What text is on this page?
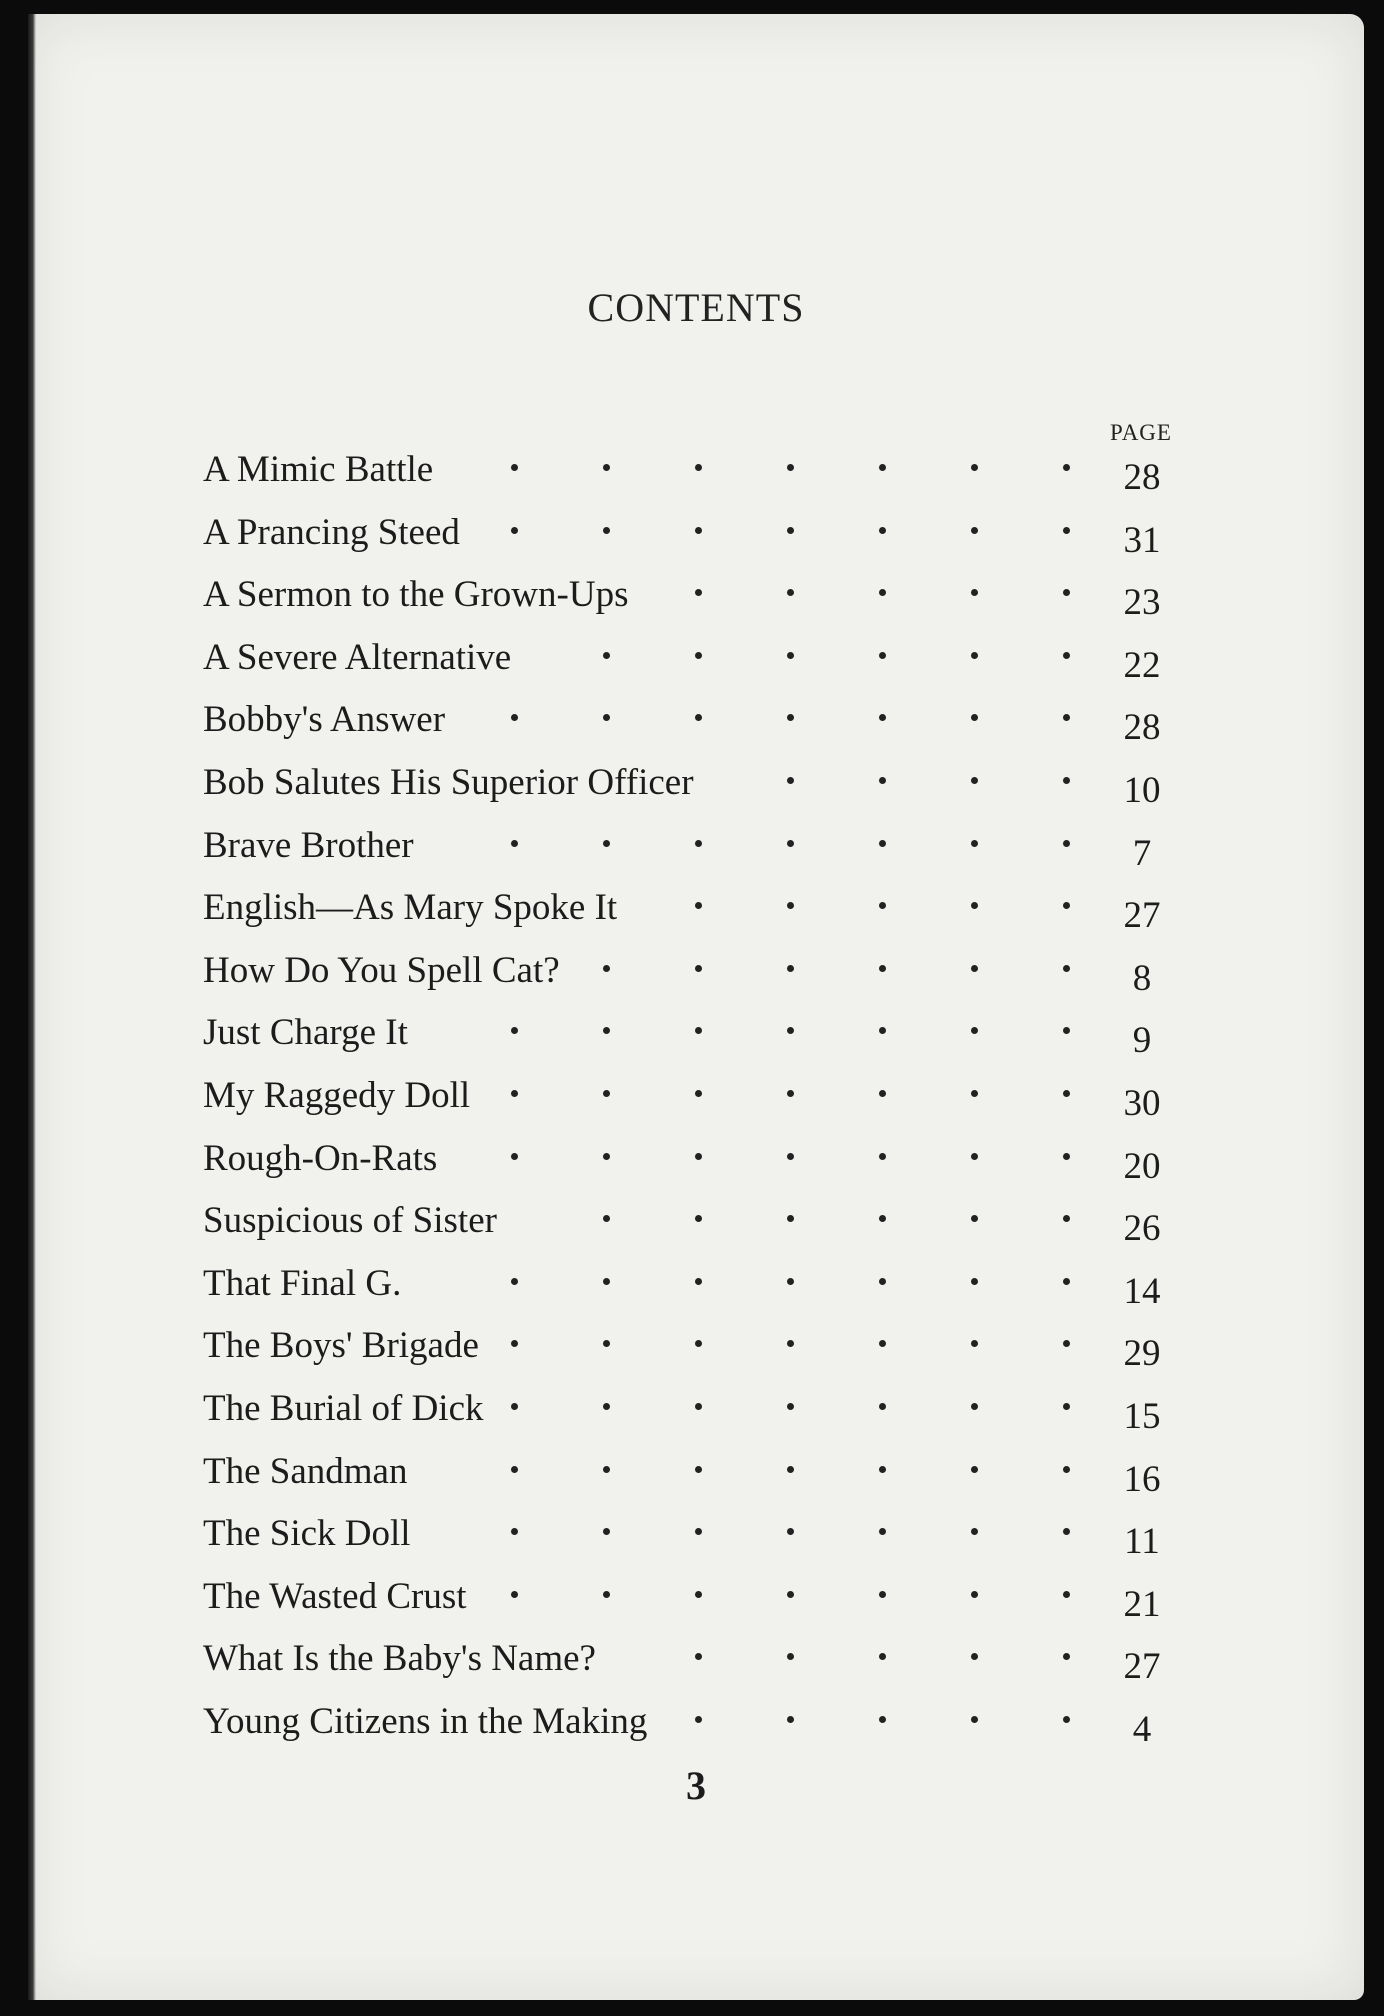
CONTENTS
PAGE
A Mimic Battle	28
A Prancing Steed	31
A Sermon to the Grown-Ups	23
A Severe Alternative	22
Bobby's Answer	28
Bob Salutes His Superior Officer	10
Brave Brother	7
English—As Mary Spoke It	27
How Do You Spell Cat?	8
Just Charge It	9
My Raggedy Doll	30
Rough-On-Rats	20
Suspicious of Sister	26
That Final G.	14
The Boys' Brigade	29
The Burial of Dick	15
The Sandman	16
The Sick Doll	11
The Wasted Crust	21
What Is the Baby's Name?	27
Young Citizens in the Making	4
3
